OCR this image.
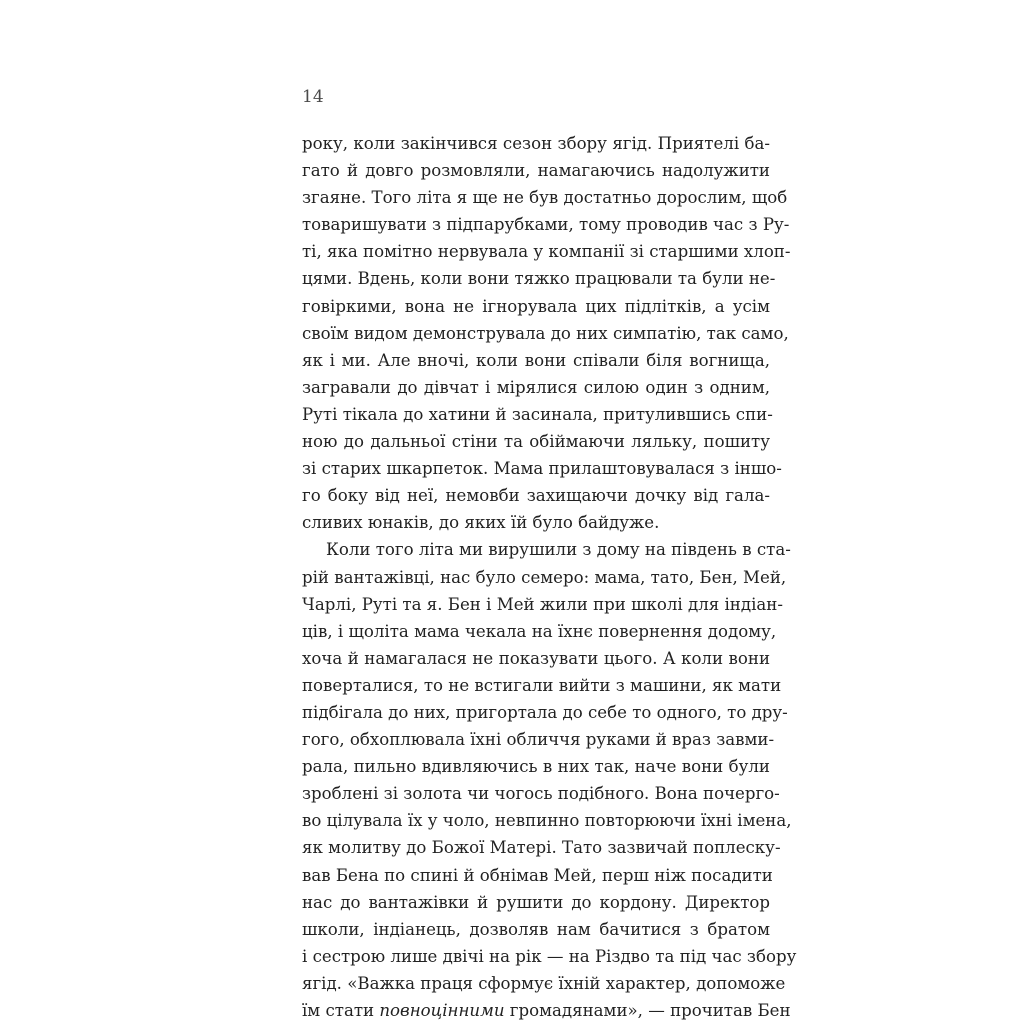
14
року, коли закінчився сезон збору ягід. Приятелі ба-
гато й довго розмовляли, намагаючись надолужити
згаяне. Того літа я ще не був достатньо дорослим, щоб
товаришувати з підпарубками, тому проводив час з Ру-
ті, яка помітно нервувала у компанії зі старшими хлоп-
цями. Вдень, коли вони тяжко працювали та були не-
говіркими, вона не ігнорувала цих підлітків, а усім
своїм видом демонструвала до них симпатію, так само,
як і ми. Але вночі, коли вони співали біля вогнища,
загравали до дівчат і мірялися силою один з одним,
Руті тікала до хатини й засинала, притулившись спи-
ною до дальньої стіни та обіймаючи ляльку, пошиту
зі старих шкарпеток. Мама прилаштовувалася з іншо-
го боку від неї, немовби захищаючи дочку від гала-
сливих юнаків, до яких їй було байдуже.
Коли того літа ми вирушили з дому на південь в ста-
рій вантажівці, нас було семеро: мама, тато, Бен, Мей,
Чарлі, Руті та я. Бен і Мей жили при школі для індіан-
ців, і щоліта мама чекала на їхнє повернення додому,
хоча й намагалася не показувати цього. А коли вони
поверталися, то не встигали вийти з машини, як мати
підбігала до них, пригортала до себе то одного, то дру-
гого, обхоплювала їхні обличчя руками й враз завми-
рала, пильно вдивляючись в них так, наче вони були
зроблені зі золота чи чогось подібного. Вона почерго-
во цілувала їх у чоло, невпинно повторюючи їхні імена,
як молитву до Божої Матері. Тато зазвичай поплеску-
вав Бена по спині й обнімав Мей, перш ніж посадити
нас до вантажівки й рушити до кордону. Директор
школи, індіанець, дозволяв нам бачитися з братом
і сестрою лише двічі на рік — на Різдво та під час збору
ягід. «Важка праця сформує їхній характер, допоможе
їм стати повноцінними громадянами», — прочитав Бен
